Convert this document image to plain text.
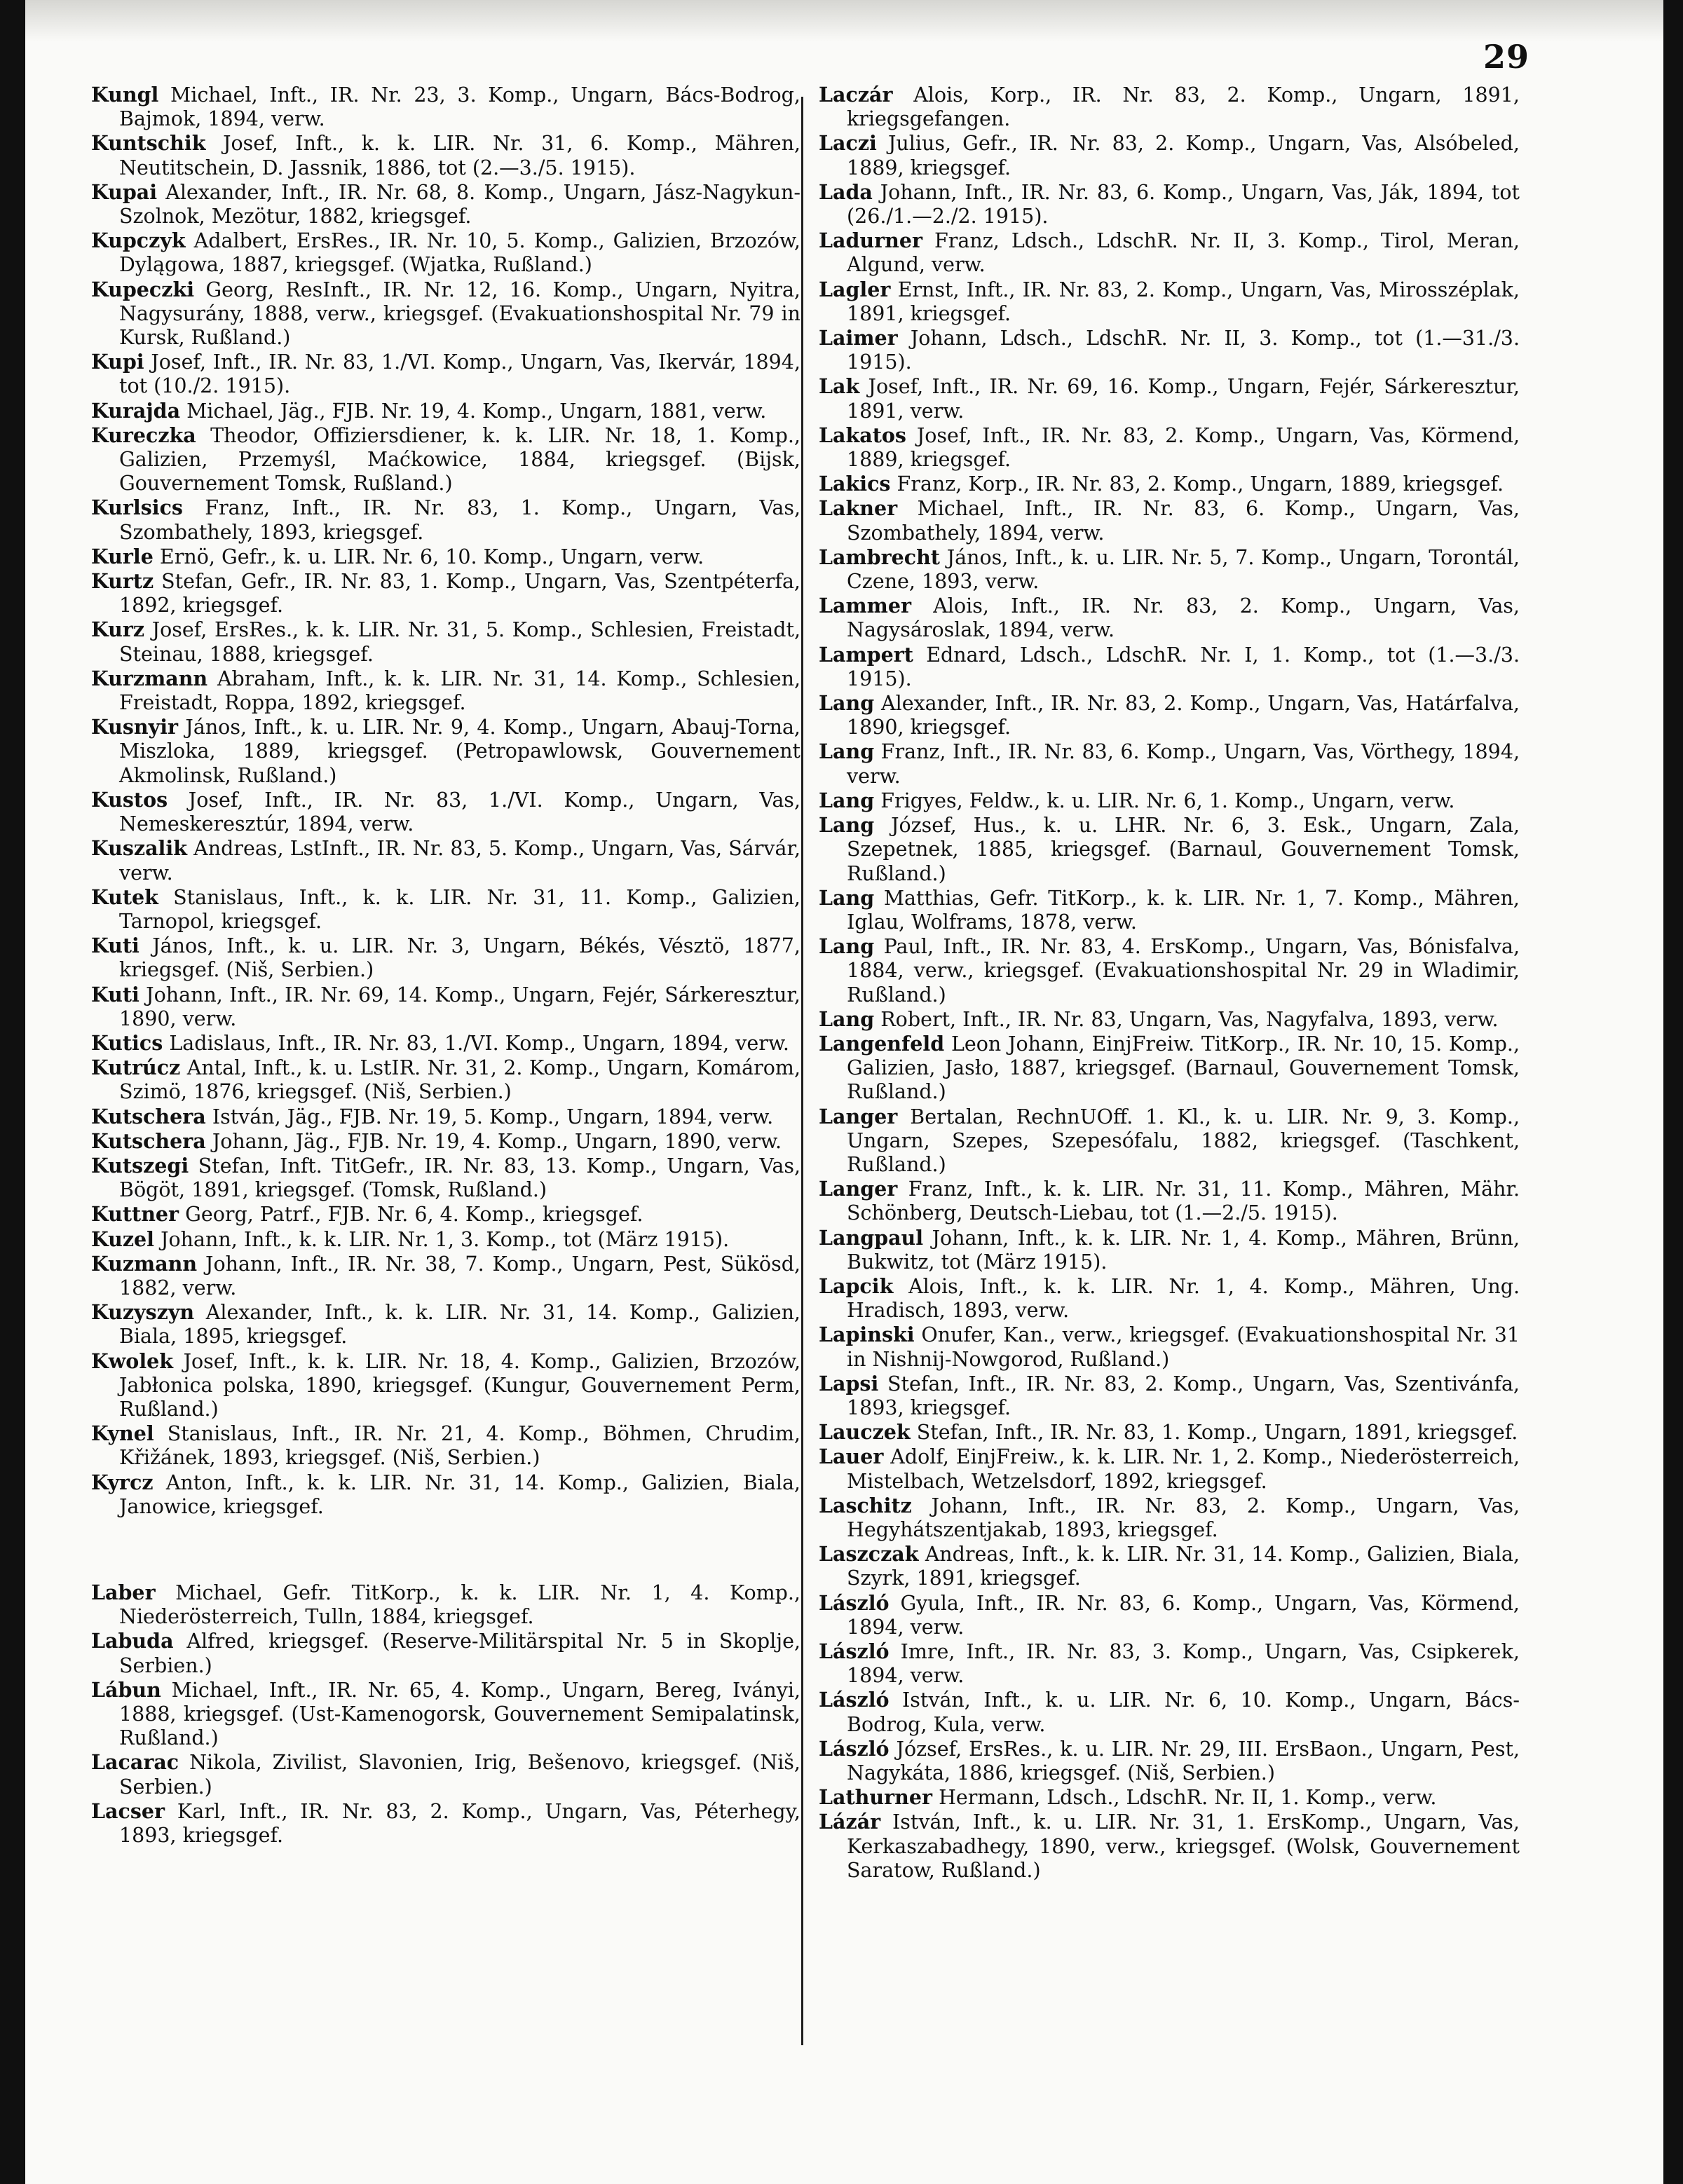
29

Kungl Michael, Inft., IR. Nr. 23, 3. Komp., Ungarn, Bács-Bodrog, Bajmok, 1894, verw.

Kuntschik Josef, Inft., k. k. LIR. Nr. 31, 6. Komp., Mähren, Neutitschein, D. Jassnik, 1886, tot (2.—3./5. 1915).

Kupai Alexander, Inft., IR. Nr. 68, 8. Komp., Ungarn, Jász-Nagykun-Szolnok, Mezötur, 1882, kriegsgef.

Kupczyk Adalbert, ErsRes., IR. Nr. 10, 5. Komp., Galizien, Brzozów, Dylągowa, 1887, kriegsgef. (Wjatka, Rußland.)

Kupeczki Georg, ResInft., IR. Nr. 12, 16. Komp., Ungarn, Nyitra, Nagysurány, 1888, verw., kriegsgef. (Evakuationshospital Nr. 79 in Kursk, Rußland.)

Kupi Josef, Inft., IR. Nr. 83, 1./VI. Komp., Ungarn, Vas, Ikervár, 1894, tot (10./2. 1915).

Kurajda Michael, Jäg., FJB. Nr. 19, 4. Komp., Ungarn, 1881, verw.

Kureczka Theodor, Offiziersdiener, k. k. LIR. Nr. 18, 1. Komp., Galizien, Przemyśl, Maćkowice, 1884, kriegsgef. (Bijsk, Gouvernement Tomsk, Rußland.)

Kurlsics Franz, Inft., IR. Nr. 83, 1. Komp., Ungarn, Vas, Szombathely, 1893, kriegsgef.

Kurle Ernö, Gefr., k. u. LIR. Nr. 6, 10. Komp., Ungarn, verw.

Kurtz Stefan, Gefr., IR. Nr. 83, 1. Komp., Ungarn, Vas, Szentpéterfa, 1892, kriegsgef.

Kurz Josef, ErsRes., k. k. LIR. Nr. 31, 5. Komp., Schlesien, Freistadt, Steinau, 1888, kriegsgef.

Kurzmann Abraham, Inft., k. k. LIR. Nr. 31, 14. Komp., Schlesien, Freistadt, Roppa, 1892, kriegsgef.

Kusnyir János, Inft., k. u. LIR. Nr. 9, 4. Komp., Ungarn, Abauj-Torna, Miszloka, 1889, kriegsgef. (Petropawlowsk, Gouvernement Akmolinsk, Rußland.)

Kustos Josef, Inft., IR. Nr. 83, 1./VI. Komp., Ungarn, Vas, Nemeskeresztúr, 1894, verw.

Kuszalik Andreas, LstInft., IR. Nr. 83, 5. Komp., Ungarn, Vas, Sárvár, verw.

Kutek Stanislaus, Inft., k. k. LIR. Nr. 31, 11. Komp., Galizien, Tarnopol, kriegsgef.

Kuti János, Inft., k. u. LIR. Nr. 3, Ungarn, Békés, Vésztö, 1877, kriegsgef. (Niš, Serbien.)

Kuti Johann, Inft., IR. Nr. 69, 14. Komp., Ungarn, Fejér, Sárkeresztur, 1890, verw.

Kutics Ladislaus, Inft., IR. Nr. 83, 1./VI. Komp., Ungarn, 1894, verw.

Kutrúcz Antal, Inft., k. u. LstIR. Nr. 31, 2. Komp., Ungarn, Komárom, Szimö, 1876, kriegsgef. (Niš, Serbien.)

Kutschera István, Jäg., FJB. Nr. 19, 5. Komp., Ungarn, 1894, verw.

Kutschera Johann, Jäg., FJB. Nr. 19, 4. Komp., Ungarn, 1890, verw.

Kutszegi Stefan, Inft. TitGefr., IR. Nr. 83, 13. Komp., Ungarn, Vas, Bögöt, 1891, kriegsgef. (Tomsk, Rußland.)

Kuttner Georg, Patrf., FJB. Nr. 6, 4. Komp., kriegsgef.

Kuzel Johann, Inft., k. k. LIR. Nr. 1, 3. Komp., tot (März 1915).

Kuzmann Johann, Inft., IR. Nr. 38, 7. Komp., Ungarn, Pest, Sükösd, 1882, verw.

Kuzyszyn Alexander, Inft., k. k. LIR. Nr. 31, 14. Komp., Galizien, Biala, 1895, kriegsgef.

Kwolek Josef, Inft., k. k. LIR. Nr. 18, 4. Komp., Galizien, Brzozów, Jabłonica polska, 1890, kriegsgef. (Kungur, Gouvernement Perm, Rußland.)

Kynel Stanislaus, Inft., IR. Nr. 21, 4. Komp., Böhmen, Chrudim, Křižánek, 1893, kriegsgef. (Niš, Serbien.)

Kyrcz Anton, Inft., k. k. LIR. Nr. 31, 14. Komp., Galizien, Biala, Janowice, kriegsgef.

Laber Michael, Gefr. TitKorp., k. k. LIR. Nr. 1, 4. Komp., Niederösterreich, Tulln, 1884, kriegsgef.

Labuda Alfred, kriegsgef. (Reserve-Militärspital Nr. 5 in Skoplje, Serbien.)

Lábun Michael, Inft., IR. Nr. 65, 4. Komp., Ungarn, Bereg, Iványi, 1888, kriegsgef. (Ust-Kamenogorsk, Gouvernement Semipalatinsk, Rußland.)

Lacarac Nikola, Zivilist, Slavonien, Irig, Bešenovo, kriegsgef. (Niš, Serbien.)

Lacser Karl, Inft., IR. Nr. 83, 2. Komp., Ungarn, Vas, Péterhegy, 1893, kriegsgef.

Laczár Alois, Korp., IR. Nr. 83, 2. Komp., Ungarn, 1891, kriegsgefangen.

Laczi Julius, Gefr., IR. Nr. 83, 2. Komp., Ungarn, Vas, Alsóbeled, 1889, kriegsgef.

Lada Johann, Inft., IR. Nr. 83, 6. Komp., Ungarn, Vas, Ják, 1894, tot (26./1.—2./2. 1915).

Ladurner Franz, Ldsch., LdschR. Nr. II, 3. Komp., Tirol, Meran, Algund, verw.

Lagler Ernst, Inft., IR. Nr. 83, 2. Komp., Ungarn, Vas, Mirosszéplak, 1891, kriegsgef.

Laimer Johann, Ldsch., LdschR. Nr. II, 3. Komp., tot (1.—31./3. 1915).

Lak Josef, Inft., IR. Nr. 69, 16. Komp., Ungarn, Fejér, Sárkeresztur, 1891, verw.

Lakatos Josef, Inft., IR. Nr. 83, 2. Komp., Ungarn, Vas, Körmend, 1889, kriegsgef.

Lakics Franz, Korp., IR. Nr. 83, 2. Komp., Ungarn, 1889, kriegsgef.

Lakner Michael, Inft., IR. Nr. 83, 6. Komp., Ungarn, Vas, Szombathely, 1894, verw.

Lambrecht János, Inft., k. u. LIR. Nr. 5, 7. Komp., Ungarn, Torontál, Czene, 1893, verw.

Lammer Alois, Inft., IR. Nr. 83, 2. Komp., Ungarn, Vas, Nagysároslak, 1894, verw.

Lampert Ednard, Ldsch., LdschR. Nr. I, 1. Komp., tot (1.—3./3. 1915).

Lang Alexander, Inft., IR. Nr. 83, 2. Komp., Ungarn, Vas, Határfalva, 1890, kriegsgef.

Lang Franz, Inft., IR. Nr. 83, 6. Komp., Ungarn, Vas, Vörthegy, 1894, verw.

Lang Frigyes, Feldw., k. u. LIR. Nr. 6, 1. Komp., Ungarn, verw.

Lang József, Hus., k. u. LHR. Nr. 6, 3. Esk., Ungarn, Zala, Szepetnek, 1885, kriegsgef. (Barnaul, Gouvernement Tomsk, Rußland.)

Lang Matthias, Gefr. TitKorp., k. k. LIR. Nr. 1, 7. Komp., Mähren, Iglau, Wolframs, 1878, verw.

Lang Paul, Inft., IR. Nr. 83, 4. ErsKomp., Ungarn, Vas, Bónisfalva, 1884, verw., kriegsgef. (Evakuationshospital Nr. 29 in Wladimir, Rußland.)

Lang Robert, Inft., IR. Nr. 83, Ungarn, Vas, Nagyfalva, 1893, verw.

Langenfeld Leon Johann, EinjFreiw. TitKorp., IR. Nr. 10, 15. Komp., Galizien, Jasło, 1887, kriegsgef. (Barnaul, Gouvernement Tomsk, Rußland.)

Langer Bertalan, RechnUOff. 1. Kl., k. u. LIR. Nr. 9, 3. Komp., Ungarn, Szepes, Szepesófalu, 1882, kriegsgef. (Taschkent, Rußland.)

Langer Franz, Inft., k. k. LIR. Nr. 31, 11. Komp., Mähren, Mähr. Schönberg, Deutsch-Liebau, tot (1.—2./5. 1915).

Langpaul Johann, Inft., k. k. LIR. Nr. 1, 4. Komp., Mähren, Brünn, Bukwitz, tot (März 1915).

Lapcik Alois, Inft., k. k. LIR. Nr. 1, 4. Komp., Mähren, Ung. Hradisch, 1893, verw.

Lapinski Onufer, Kan., verw., kriegsgef. (Evakuationshospital Nr. 31 in Nishnij-Nowgorod, Rußland.)

Lapsi Stefan, Inft., IR. Nr. 83, 2. Komp., Ungarn, Vas, Szentivánfa, 1893, kriegsgef.

Lauczek Stefan, Inft., IR. Nr. 83, 1. Komp., Ungarn, 1891, kriegsgef.

Lauer Adolf, EinjFreiw., k. k. LIR. Nr. 1, 2. Komp., Niederösterreich, Mistelbach, Wetzelsdorf, 1892, kriegsgef.

Laschitz Johann, Inft., IR. Nr. 83, 2. Komp., Ungarn, Vas, Hegyhátszentjakab, 1893, kriegsgef.

Laszczak Andreas, Inft., k. k. LIR. Nr. 31, 14. Komp., Galizien, Biala, Szyrk, 1891, kriegsgef.

László Gyula, Inft., IR. Nr. 83, 6. Komp., Ungarn, Vas, Körmend, 1894, verw.

László Imre, Inft., IR. Nr. 83, 3. Komp., Ungarn, Vas, Csipkerek, 1894, verw.

László István, Inft., k. u. LIR. Nr. 6, 10. Komp., Ungarn, Bács-Bodrog, Kula, verw.

László József, ErsRes., k. u. LIR. Nr. 29, III. ErsBaon., Ungarn, Pest, Nagykáta, 1886, kriegsgef. (Niš, Serbien.)

Lathurner Hermann, Ldsch., LdschR. Nr. II, 1. Komp., verw.

Lázár István, Inft., k. u. LIR. Nr. 31, 1. ErsKomp., Ungarn, Vas, Kerkaszabadhegy, 1890, verw., kriegsgef. (Wolsk, Gouvernement Saratow, Rußland.)
